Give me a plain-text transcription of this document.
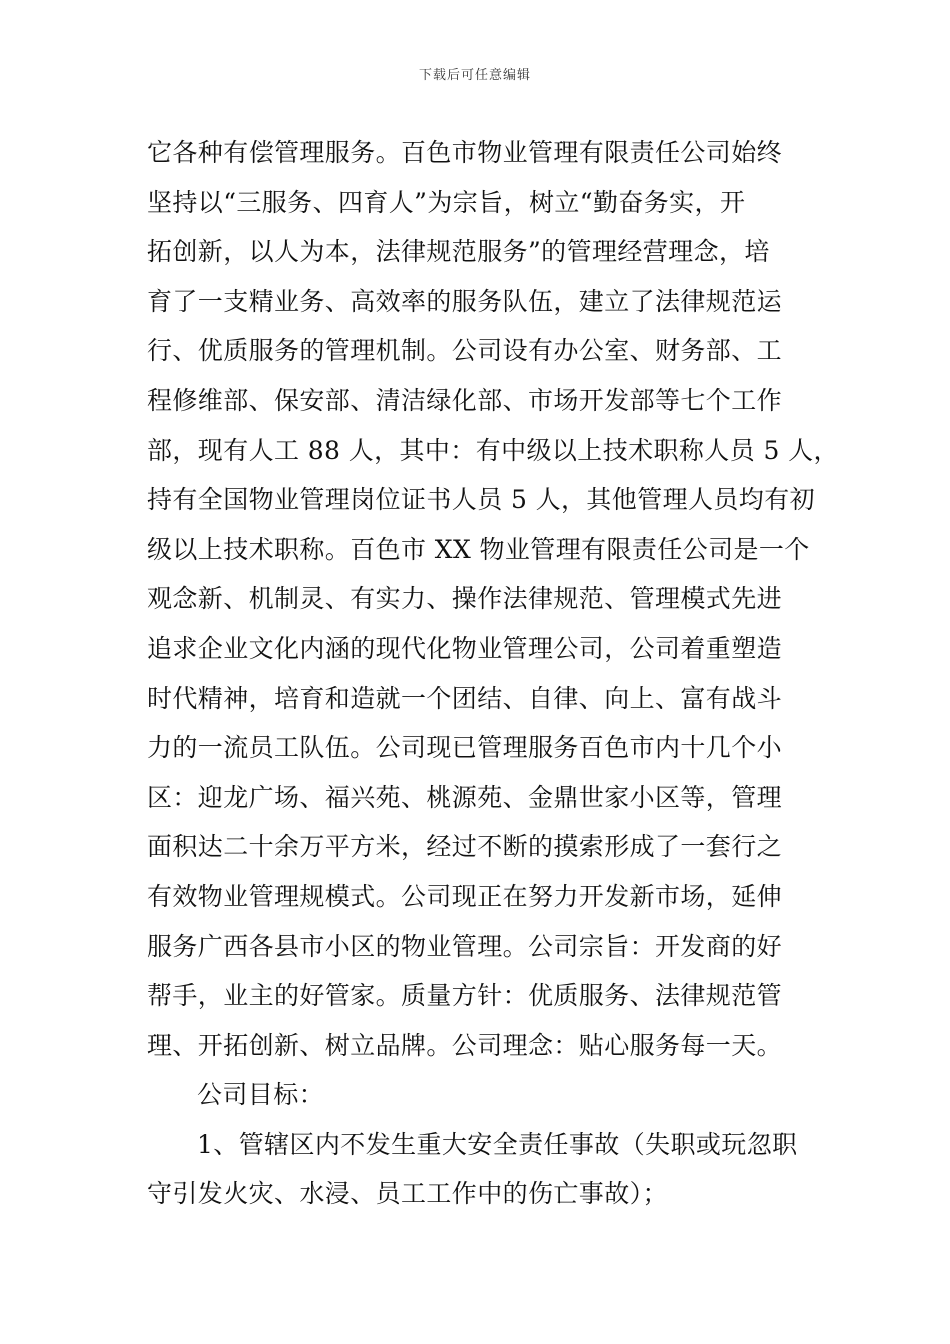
下载后可任意编辑
它各种有偿管理服务。百色市物业管理有限责任公司始终
坚持以“三服务、四育人”为宗旨，树立“勤奋务实，开
拓创新，以人为本，法律规范服务”的管理经营理念，培
育了一支精业务、高效率的服务队伍，建立了法律规范运
行、优质服务的管理机制。公司设有办公室、财务部、工
程修维部、保安部、清洁绿化部、市场开发部等七个工作
部，现有人工 88 人，其中：有中级以上技术职称人员 5 人，
持有全国物业管理岗位证书人员 5 人，其他管理人员均有初
级以上技术职称。百色市 XX 物业管理有限责任公司是一个
观念新、机制灵、有实力、操作法律规范、管理模式先进
追求企业文化内涵的现代化物业管理公司，公司着重塑造
时代精神，培育和造就一个团结、自律、向上、富有战斗
力的一流员工队伍。公司现已管理服务百色市内十几个小
区：迎龙广场、福兴苑、桃源苑、金鼎世家小区等，管理
面积达二十余万平方米，经过不断的摸索形成了一套行之
有效物业管理规模式。公司现正在努力开发新市场，延伸
服务广西各县市小区的物业管理。公司宗旨：开发商的好
帮手，业主的好管家。质量方针：优质服务、法律规范管
理、开拓创新、树立品牌。公司理念：贴心服务每一天。
公司目标：
1、管辖区内不发生重大安全责任事故（失职或玩忽职
守引发火灾、水浸、员工工作中的伤亡事故）；
